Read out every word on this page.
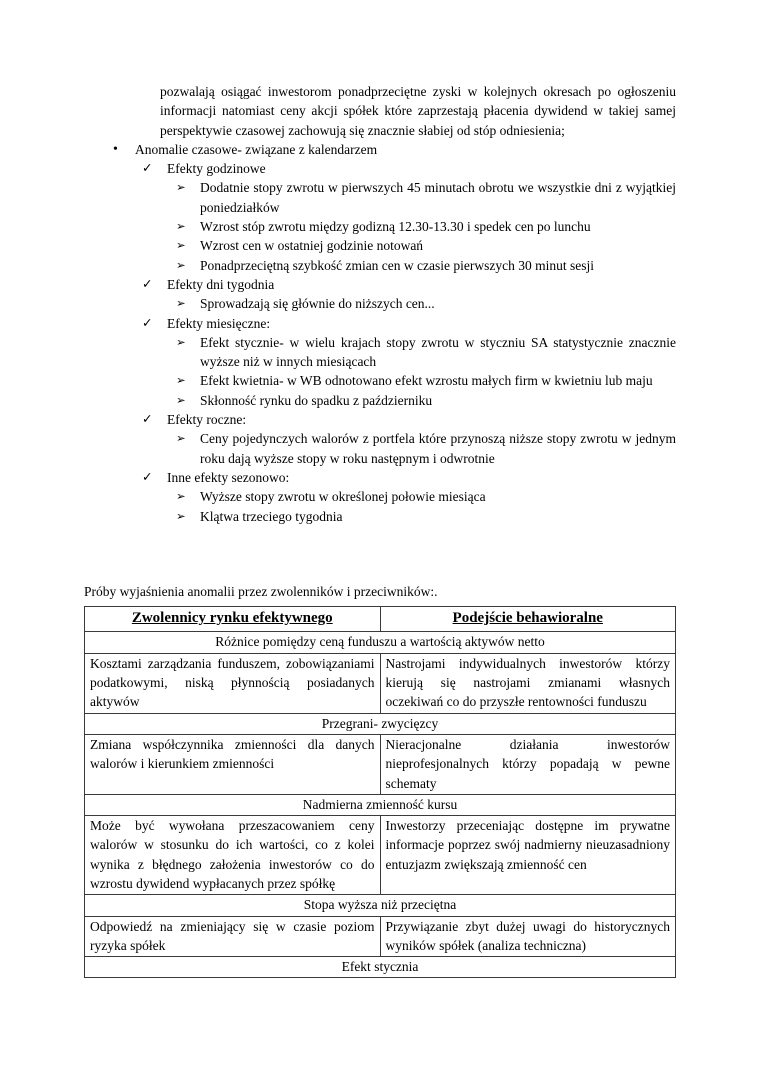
pozwalają osiągać inwestorom ponadprzeciętne zyski w kolejnych okresach po ogłoszeniu informacji natomiast ceny akcji spółek które zaprzestają płacenia dywidend w takiej samej perspektywie czasowej zachowują się znacznie słabiej od stóp odniesienia;

• Anomalie czasowe- związane z kalendarzem
✓ Efekty godzinowe
➢ Dodatnie stopy zwrotu w pierwszych 45 minutach obrotu we wszystkie dni z wyjątkiej poniedziałków
➢ Wzrost stóp zwrotu między godizną 12.30-13.30 i spedek cen po lunchu
➢ Wzrost cen w ostatniej godzinie notowań
➢ Ponadprzeciętną szybkość zmian cen w czasie pierwszych 30 minut sesji
✓ Efekty dni tygodnia
➢ Sprowadzają się głównie do niższych cen...
✓ Efekty miesięczne:
➢ Efekt stycznie- w wielu krajach stopy zwrotu w styczniu SA statystycznie znacznie wyższe niż w innych miesiącach
➢ Efekt kwietnia- w WB odnotowano efekt wzrostu małych firm w kwietniu lub maju
➢ Skłonność rynku do spadku z październiku
✓ Efekty roczne:
➢ Ceny pojedynczych walorów z portfela które przynoszą niższe stopy zwrotu w jednym roku dają wyższe stopy w roku następnym i odwrotnie
✓ Inne efekty sezonowo:
➢ Wyższe stopy zwrotu w określonej połowie miesiąca
➢ Klątwa trzeciego tygodnia

Próby wyjaśnienia anomalii przez zwolenników i przeciwników:.

Zwolennicy rynku efektywnego	Podejście behawioralne
Różnice pomiędzy ceną funduszu a wartością aktywów netto	
Kosztami zarządzania funduszem, zobowiązaniami podatkowymi, niską płynnością posiadanych aktywów	Nastrojami indywidualnych inwestorów którzy kierują się nastrojami zmianami własnych oczekiwań co do przyszłe rentowności funduszu
Przegrani- zwycięzcy	
Zmiana współczynnika zmienności dla danych walorów i kierunkiem zmienności	Nieracjonalne działania inwestorów nieprofesjonalnych którzy popadają w pewne schematy
Nadmierna zmienność kursu	
Może być wywołana przeszacowaniem ceny walorów w stosunku do ich wartości, co z kolei wynika z błędnego założenia inwestorów co do wzrostu dywidend wypłacanych przez spółkę	Inwestorzy przeceniając dostępne im prywatne informacje poprzez swój nadmierny nieuzasadniony entuzjazm zwiększają zmienność cen
Stopa wyższa niż przeciętna	
Odpowiedź na zmieniający się w czasie poziom ryzyka spółek	Przywiązanie zbyt dużej uwagi do historycznych wyników spółek (analiza techniczna)
Efekt stycznia	
